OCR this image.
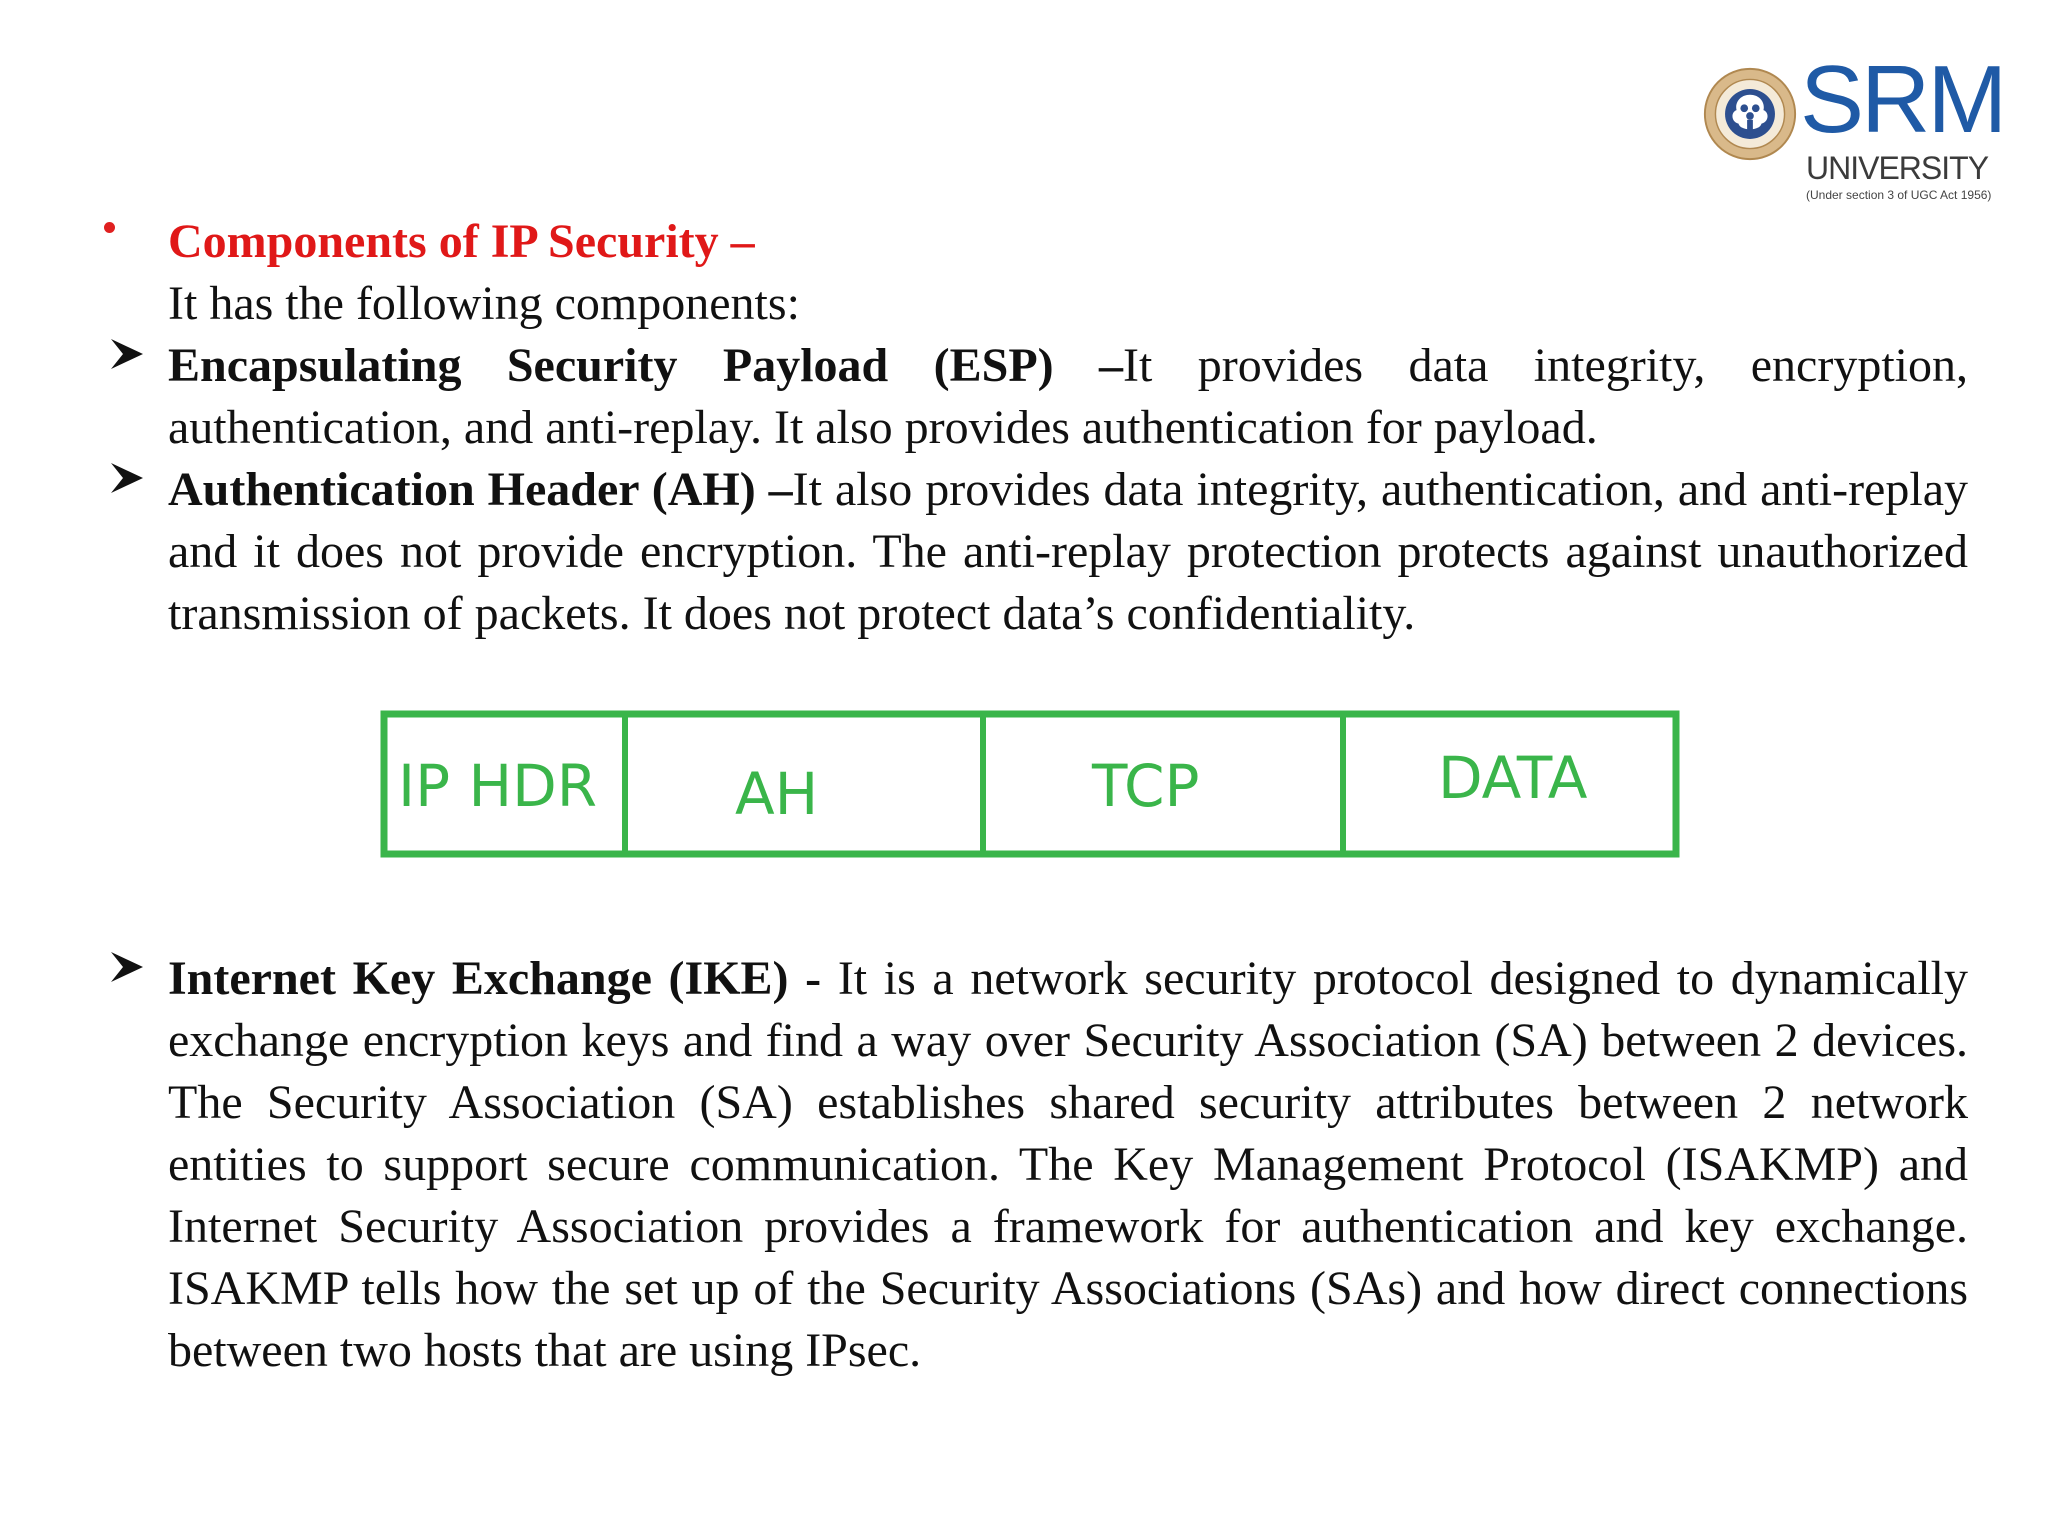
SRM
UNIVERSITY
(Under section 3 of UGC Act 1956)
Components of IP Security –
It has the following components:
Encapsulating Security Payload (ESP) –It provides data integrity, encryption, authentication, and anti-replay. It also provides authentication for payload.
Authentication Header (AH) –It also provides data integrity, authentication, and anti-replay and it does not provide encryption. The anti-replay protection protects against unauthorized transmission of packets. It does not protect data’s confidentiality.
IP HDR AH	TCP	DATA
Internet Key Exchange (IKE) - It is a network security protocol designed to dynamically exchange encryption keys and find a way over Security Association (SA) between 2 devices. The Security Association (SA) establishes shared security attributes between 2 network entities to support secure communication. The Key Management Protocol (ISAKMP) and Internet Security Association provides a framework for authentication and key exchange. ISAKMP tells how the set up of the Security Associations (SAs) and how direct connections between two hosts that are using IPsec.
